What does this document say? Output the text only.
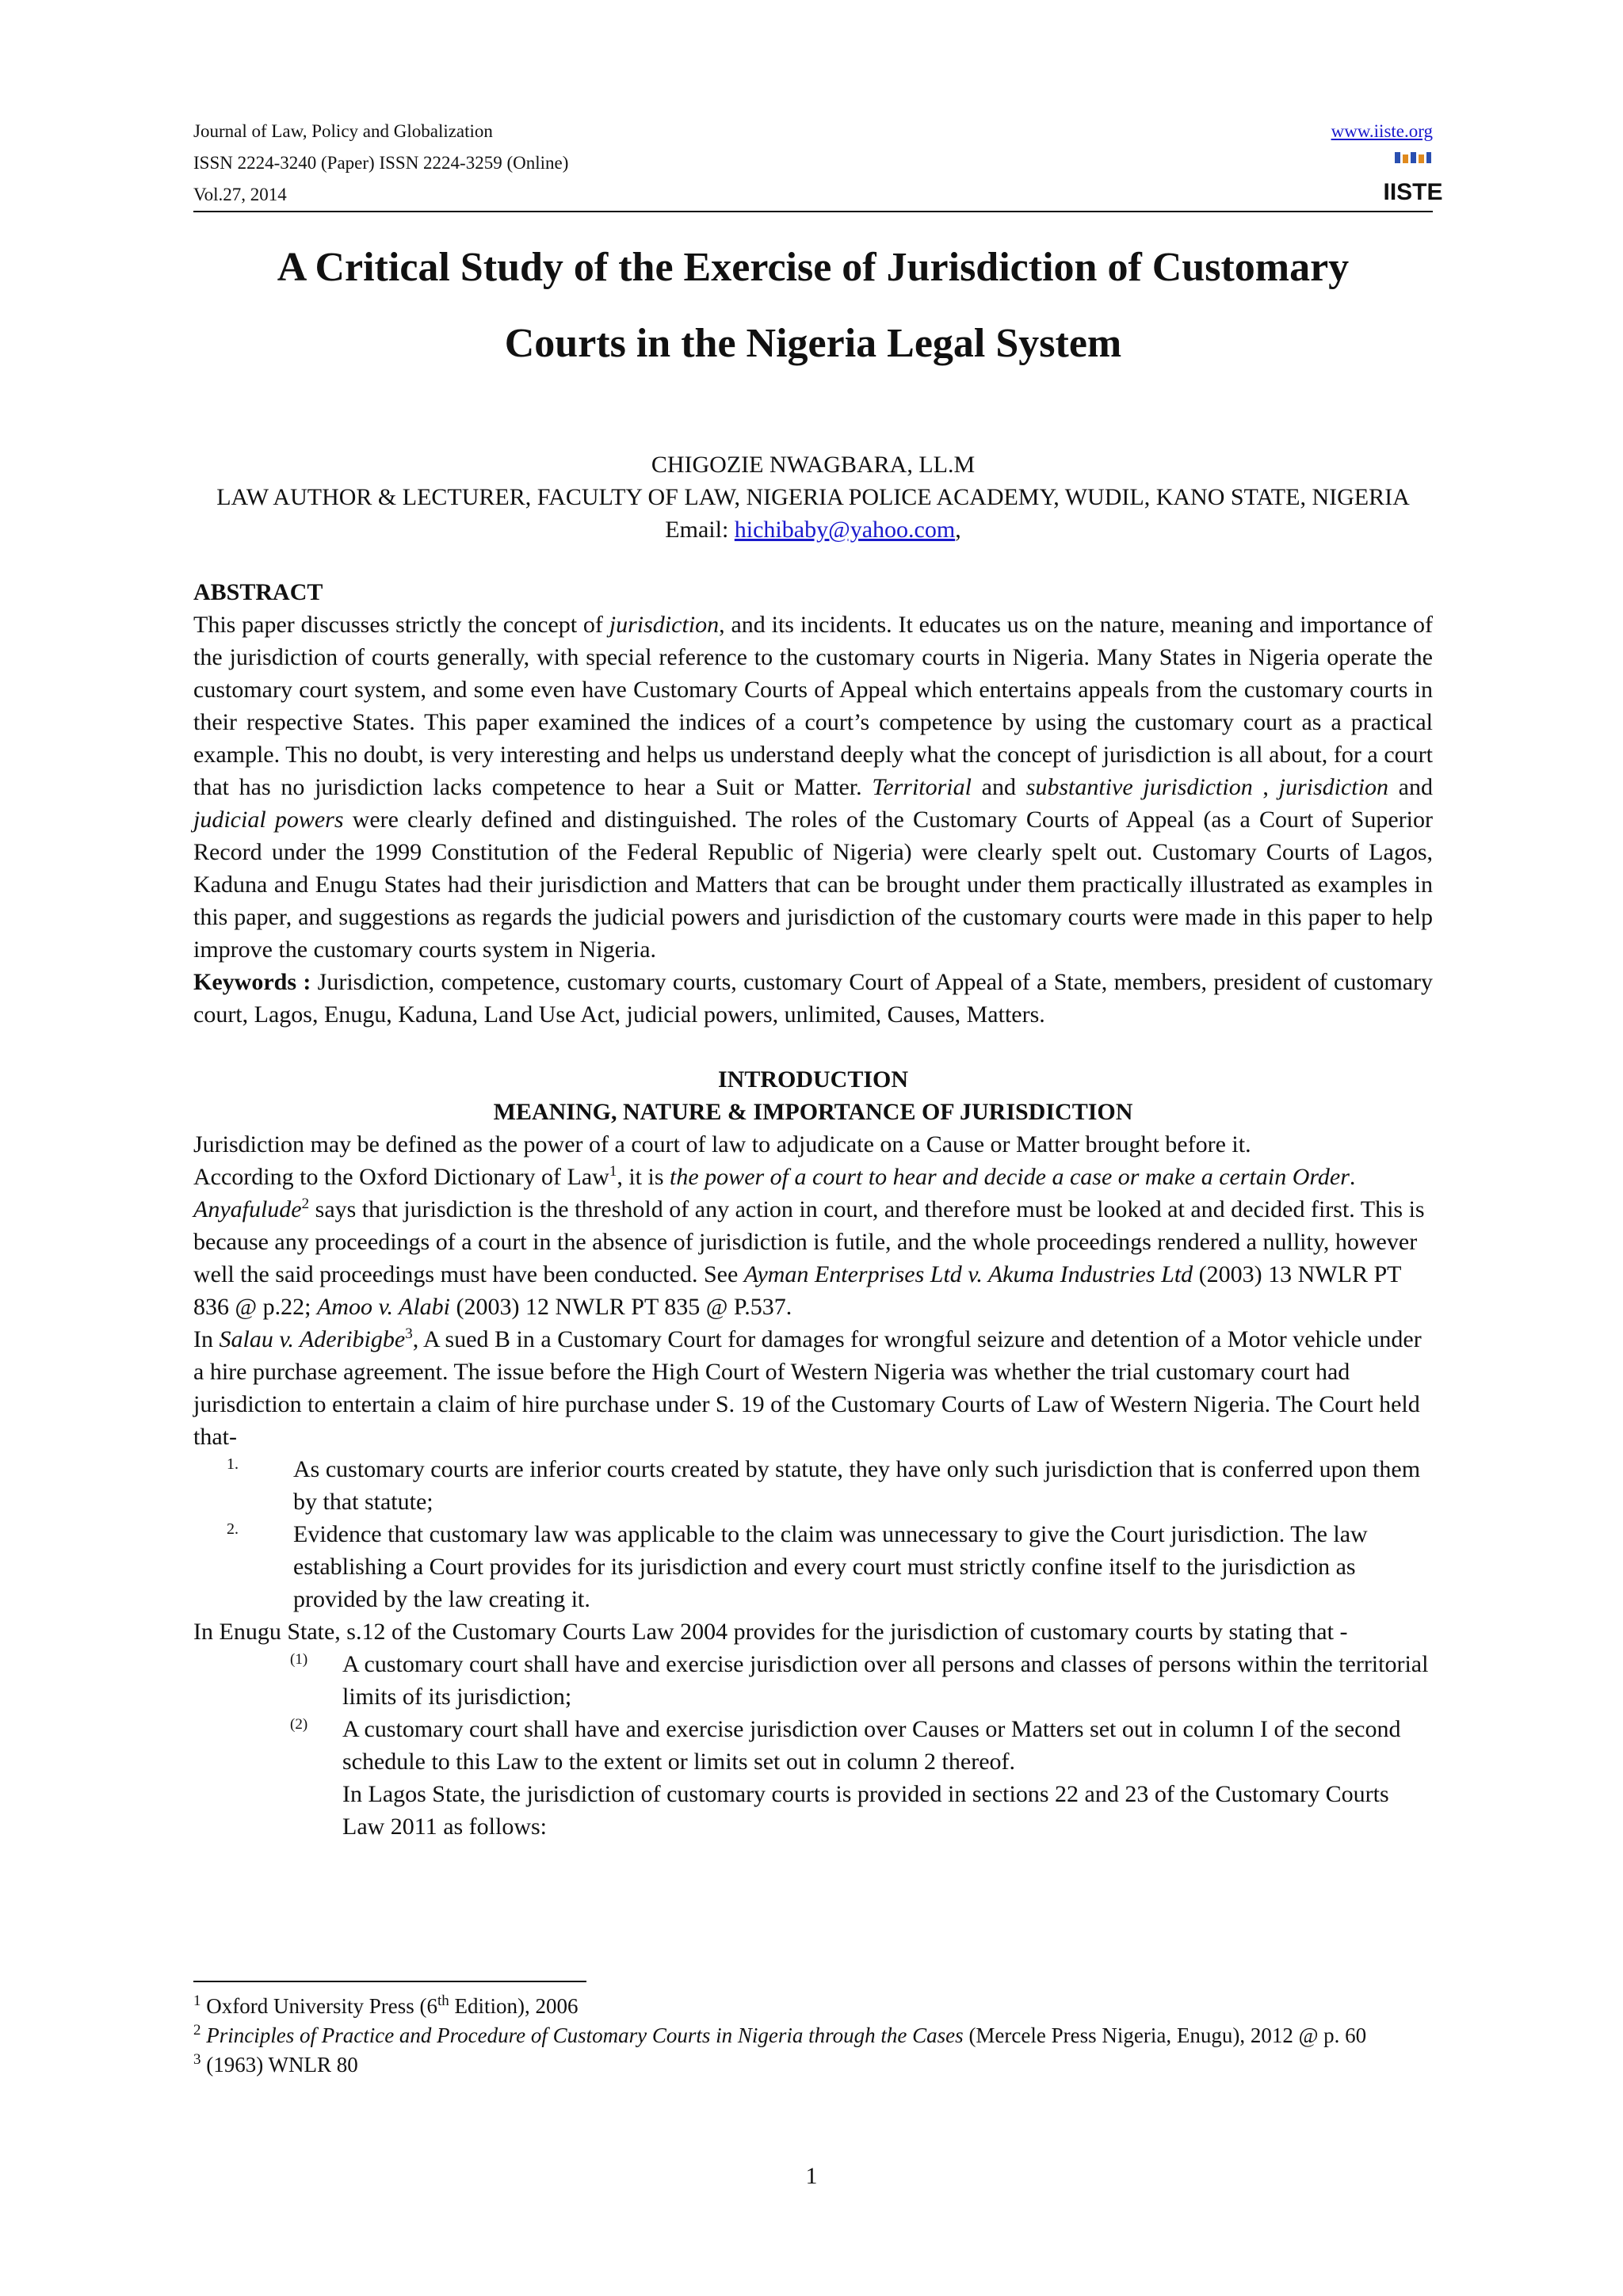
Journal of Law, Policy and Globalization
ISSN 2224-3240 (Paper) ISSN 2224-3259 (Online)
Vol.27, 2014
www.iiste.org
IISTE
A Critical Study of the Exercise of Jurisdiction of Customary
Courts in the Nigeria Legal System
CHIGOZIE NWAGBARA, LL.M
LAW AUTHOR & LECTURER, FACULTY OF LAW, NIGERIA POLICE ACADEMY, WUDIL, KANO STATE, NIGERIA
Email: hichibaby@yahoo.com,

ABSTRACT

This paper discusses strictly the concept of jurisdiction, and its incidents. It educates us on the nature, meaning and importance of the jurisdiction of courts generally, with special reference to the customary courts in Nigeria. Many States in Nigeria operate the customary court system, and some even have Customary Courts of Appeal which entertains appeals from the customary courts in their respective States. This paper examined the indices of a court’s competence by using the customary court as a practical example. This no doubt, is very interesting and helps us understand deeply what the concept of jurisdiction is all about, for a court that has no jurisdiction lacks competence to hear a Suit or Matter. Territorial and substantive jurisdiction , jurisdiction and judicial powers were clearly defined and distinguished. The roles of the Customary Courts of Appeal (as a Court of Superior Record under the 1999 Constitution of the Federal Republic of Nigeria) were clearly spelt out. Customary Courts of Lagos, Kaduna and Enugu States had their jurisdiction and Matters that can be brought under them practically illustrated as examples in this paper, and suggestions as regards the judicial powers and jurisdiction of the customary courts were made in this paper to help improve the customary courts system in Nigeria.

Keywords : Jurisdiction, competence, customary courts, customary Court of Appeal of a State, members, president of customary court, Lagos, Enugu, Kaduna, Land Use Act, judicial powers, unlimited, Causes, Matters.

INTRODUCTION

MEANING, NATURE & IMPORTANCE OF JURISDICTION

Jurisdiction may be defined as the power of a court of law to adjudicate on a Cause or Matter brought before it.

According to the Oxford Dictionary of Law$^1$, it is the power of a court to hear and decide a case or make a certain Order. Anyafulude$^2$ says that jurisdiction is the threshold of any action in court, and therefore must be looked at and decided first. This is because any proceedings of a court in the absence of jurisdiction is futile, and the whole proceedings rendered a nullity, however well the said proceedings must have been conducted. See Ayman Enterprises Ltd v. Akuma Industries Ltd (2003) 13 NWLR PT 836 @ p.22; Amoo v. Alabi (2003) 12 NWLR PT 835 @ P.537.

In Salau v. Aderibigbe$^3$, A sued B in a Customary Court for damages for wrongful seizure and detention of a Motor vehicle under a hire purchase agreement. The issue before the High Court of Western Nigeria was whether the trial customary court had jurisdiction to entertain a claim of hire purchase under S. 19 of the Customary Courts of Law of Western Nigeria. The Court held that-

1. As customary courts are inferior courts created by statute, they have only such jurisdiction that is conferred upon them by that statute;
2. Evidence that customary law was applicable to the claim was unnecessary to give the Court jurisdiction. The law establishing a Court provides for its jurisdiction and every court must strictly confine itself to the jurisdiction as provided by the law creating it.

In Enugu State, s.12 of the Customary Courts Law 2004 provides for the jurisdiction of customary courts by stating that -

(1) A customary court shall have and exercise jurisdiction over all persons and classes of persons within the territorial limits of its jurisdiction;
(2) A customary court shall have and exercise jurisdiction over Causes or Matters set out in column I of the second schedule to this Law to the extent or limits set out in column 2 thereof.

In Lagos State, the jurisdiction of customary courts is provided in sections 22 and 23 of the Customary Courts Law 2011 as follows:

$^1$ Oxford University Press (6th Edition), 2006

$^2$ Principles of Practice and Procedure of Customary Courts in Nigeria through the Cases (Mercele Press Nigeria, Enugu), 2012 @ p. 60

$^3$ (1963) WNLR 80

1
